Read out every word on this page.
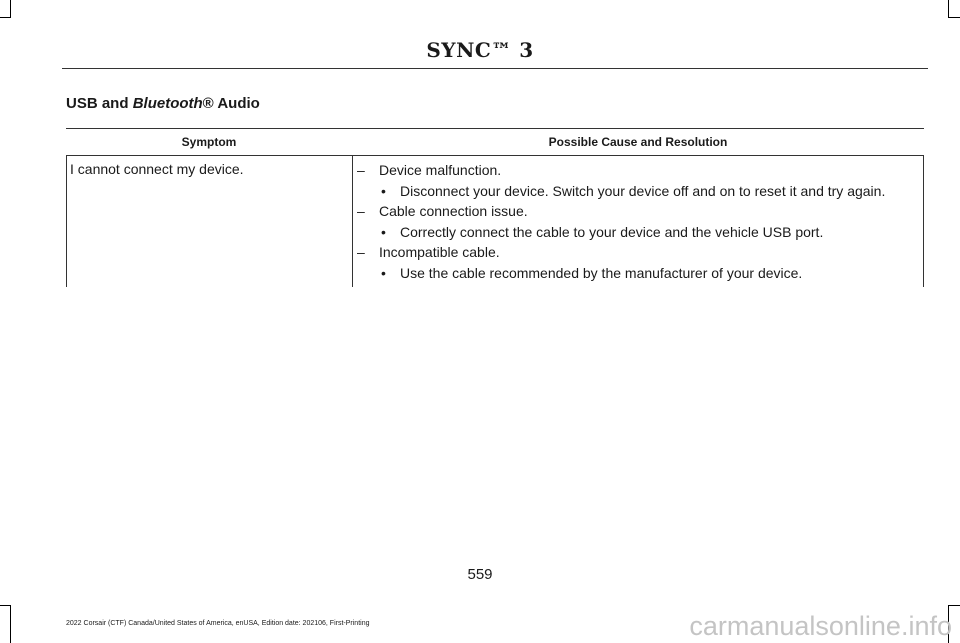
SYNC™ 3
USB and Bluetooth® Audio
Symptom	Possible Cause and Resolution
I cannot connect my device.	– Device malfunction.
• Disconnect your device. Switch your device off and on to reset it and try again.
– Cable connection issue.
• Correctly connect the cable to your device and the vehicle USB port.
– Incompatible cable.
• Use the cable recommended by the manufacturer of your device.
559
2022 Corsair (CTF) Canada/United States of America, enUSA, Edition date: 202106, First-Printing	carmanualsonline.info
